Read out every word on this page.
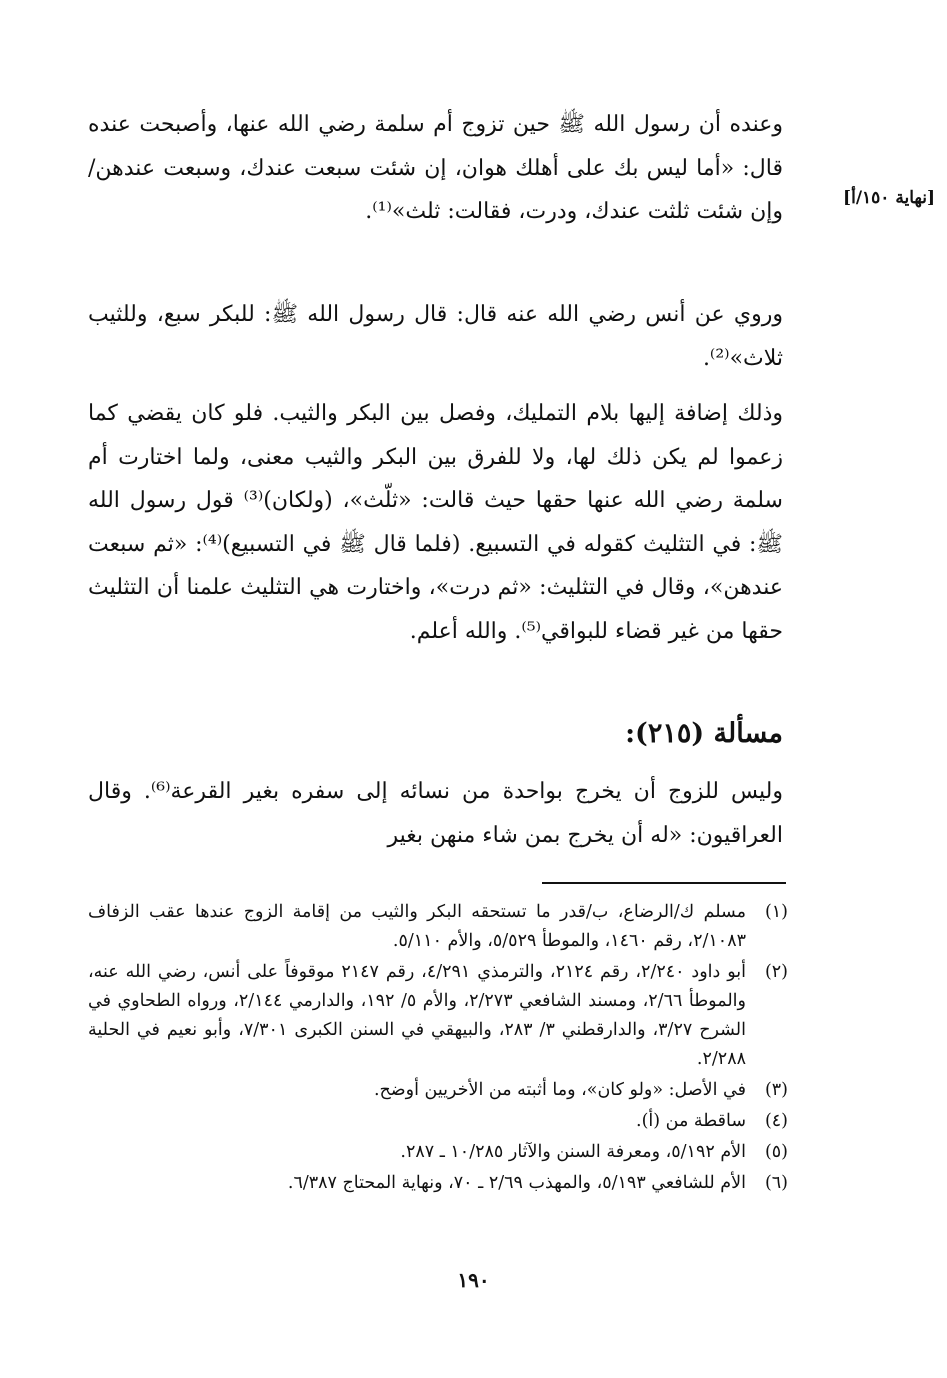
[نهاية ١٥٠/أ]
وعنده أن رسول الله ﷺ حين تزوج أم سلمة رضي الله عنها، وأصبحت عنده قال: «أما ليس بك على أهلك هوان، إن شئت سبعت عندك، وسبعت عندهن/ وإن شئت ثلثت عندك، ودرت، فقالت: ثلث»⁽¹⁾.
وروي عن أنس رضي الله عنه قال: قال رسول الله ﷺ: للبكر سبع، وللثيب ثلاث»⁽²⁾.
وذلك إضافة إليها بلام التمليك، وفصل بين البكر والثيب. فلو كان يقضي كما زعموا لم يكن ذلك لها، ولا للفرق بين البكر والثيب معنى، ولما اختارت أم سلمة رضي الله عنها حقها حيث قالت: «ثلّث»، (ولكان)⁽³⁾ قول رسول الله ﷺ: في التثليث كقوله في التسبيع. (فلما قال ﷺ في التسبيع)⁽⁴⁾: «ثم سبعت عندهن»، وقال في التثليث: «ثم درت»، واختارت هي التثليث علمنا أن التثليث حقها من غير قضاء للبواقي⁽⁵⁾. والله أعلم.
مسألة (٢١٥):
وليس للزوج أن يخرج بواحدة من نسائه إلى سفره بغير القرعة⁽⁶⁾. وقال العراقيون: «له أن يخرج بمن شاء منهن بغير
(١)
مسلم ك/الرضاع، ب/قدر ما تستحقه البكر والثيب من إقامة الزوج عندها عقب الزفاف ٢/١٠٨٣، رقم ١٤٦٠، والموطأ ٥/٥٢٩، والأم ٥/١١٠.
(٢)
أبو داود ٢/٢٤٠، رقم ٢١٢٤، والترمذي ٤/٢٩١، رقم ٢١٤٧ موقوفاً على أنس، رضي الله عنه، والموطأ ٢/٦٦، ومسند الشافعي ٢/٢٧٣، والأم ٥/ ١٩٢، والدارمي ٢/١٤٤، ورواه الطحاوي في الشرح ٣/٢٧، والدارقطني ٣/ ٢٨٣، والبيهقي في السنن الكبرى ٧/٣٠١، وأبو نعيم في الحلية ٢/٢٨٨.
(٣)
في الأصل: «ولو كان»، وما أثبته من الأخريين أوضح.
(٤)
ساقطة من (أ).
(٥)
الأم ٥/١٩٢، ومعرفة السنن والآثار ١٠/٢٨٥ ـ ٢٨٧.
(٦)
الأم للشافعي ٥/١٩٣، والمهذب ٢/٦٩ ـ ٧٠، ونهاية المحتاج ٦/٣٨٧.
١٩٠
